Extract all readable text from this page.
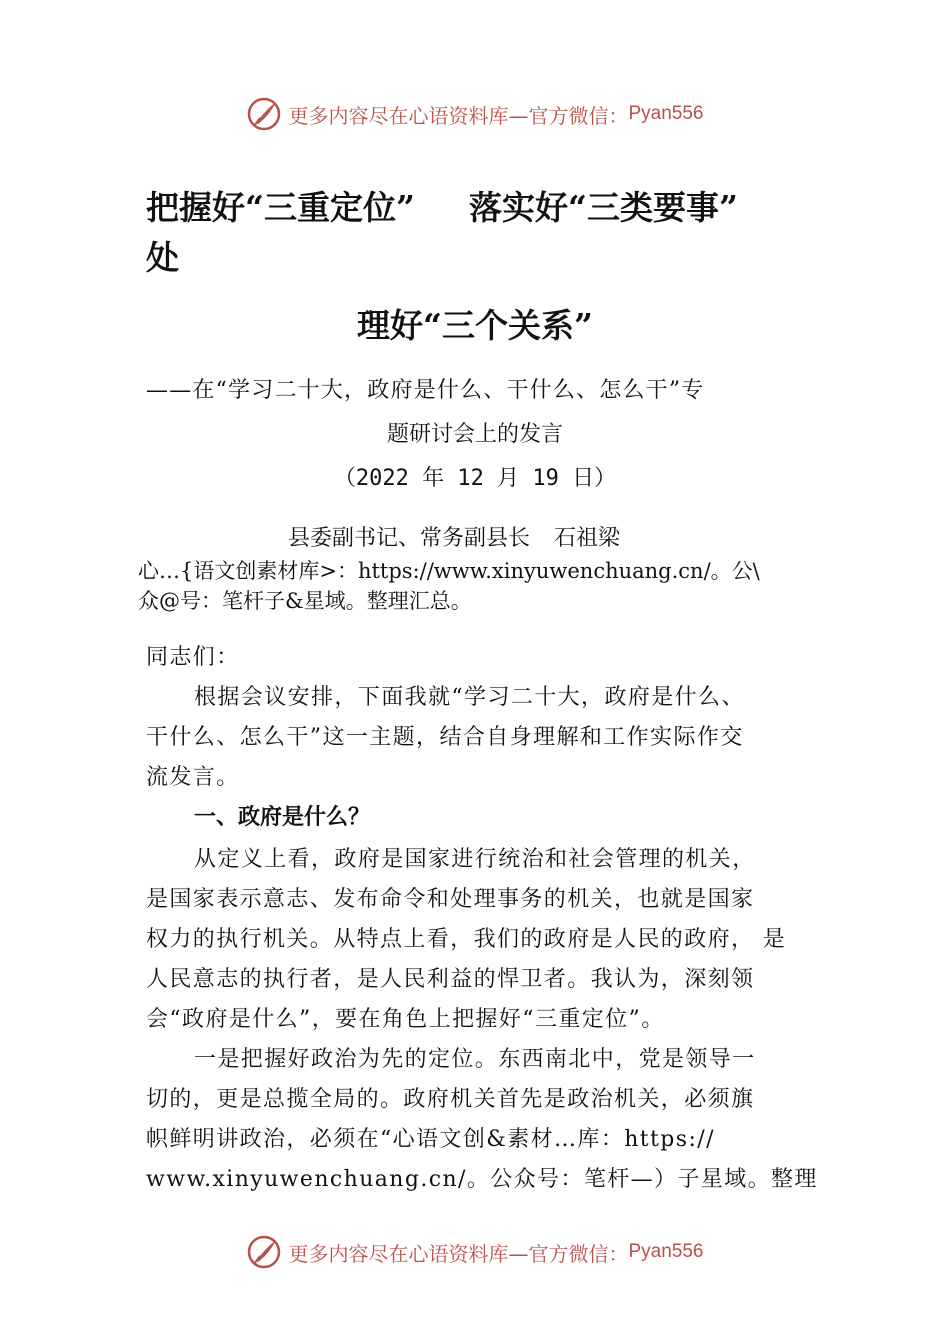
更多内容尽在心语资料库—官方微信： Pyan556
把握好“三重定位” 落实好“三类要事”
处
理好“三个关系”
——在“学习二十大，政府是什么、干什么、怎么干”专
题研讨会上的发言
（2022 年 12 月 19 日）
县委副书记、常务副县长 石祖梁
心…{语文创素材库>：https://www.xinyuwenchuang.cn/。公\
众@号：笔杆子&星域。整理汇总。
同志们：
根据会议安排，下面我就“学习二十大，政府是什么、
干什么、怎么干”这一主题，结合自身理解和工作实际作交
流发言。
一、政府是什么？
从定义上看，政府是国家进行统治和社会管理的机关，
是国家表示意志、发布命令和处理事务的机关，也就是国家
权力的执行机关。从特点上看，我们的政府是人民的政府， 是
人民意志的执行者，是人民利益的悍卫者。我认为，深刻领
会“政府是什么”，要在角色上把握好“三重定位”。
一是把握好政治为先的定位。东西南北中，党是领导一
切的，更是总揽全局的。政府机关首先是政治机关，必须旗
帜鲜明讲政治，必须在“心语文创&素材…库：https://
www.xinyuwenchuang.cn/。公众号：笔杆—）子星域。整理
更多内容尽在心语资料库—官方微信： Pyan556
